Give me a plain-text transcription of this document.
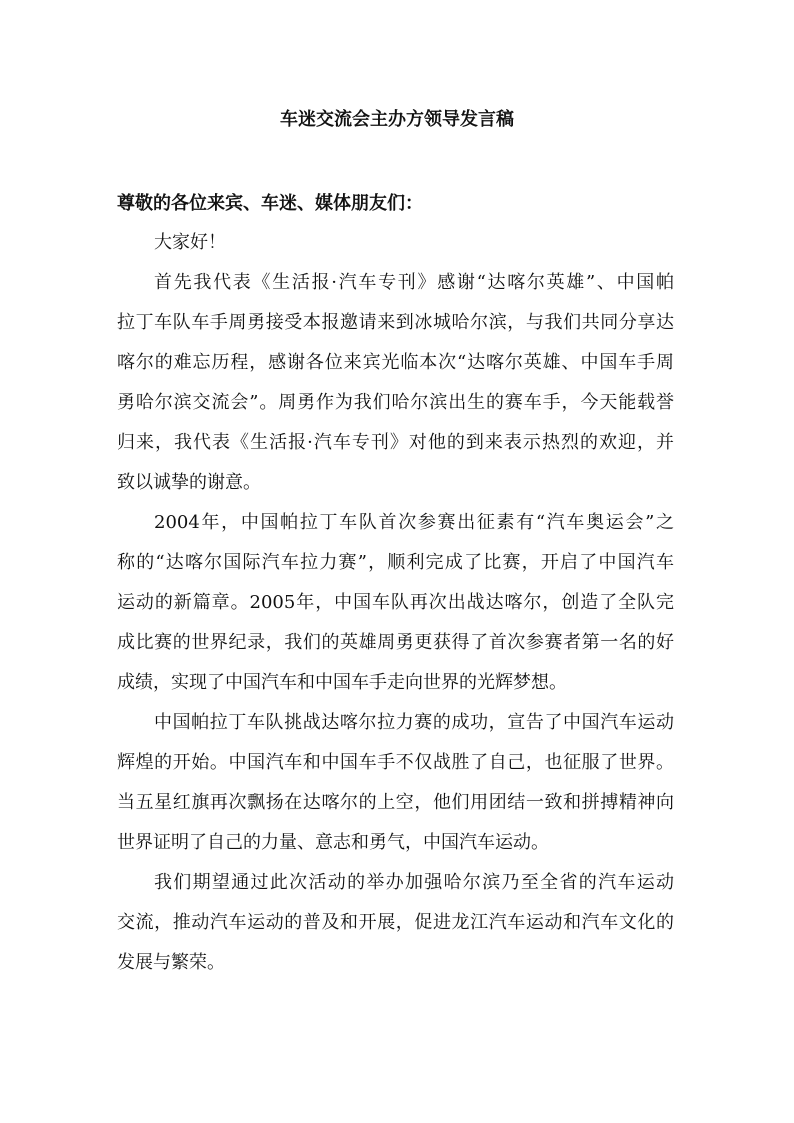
车迷交流会主办方领导发言稿
尊敬的各位来宾、车迷、媒体朋友们：
大家好！
首先我代表《生活报·汽车专刊》感谢“达喀尔英雄”、中国帕
拉丁车队车手周勇接受本报邀请来到冰城哈尔滨，与我们共同分享达
喀尔的难忘历程，感谢各位来宾光临本次“达喀尔英雄、中国车手周
勇哈尔滨交流会”。周勇作为我们哈尔滨出生的赛车手，今天能载誉
归来，我代表《生活报·汽车专刊》对他的到来表示热烈的欢迎，并
致以诚挚的谢意。
2004年，中国帕拉丁车队首次参赛出征素有“汽车奥运会”之
称的“达喀尔国际汽车拉力赛”，顺利完成了比赛，开启了中国汽车
运动的新篇章。2005年，中国车队再次出战达喀尔，创造了全队完
成比赛的世界纪录，我们的英雄周勇更获得了首次参赛者第一名的好
成绩，实现了中国汽车和中国车手走向世界的光辉梦想。
中国帕拉丁车队挑战达喀尔拉力赛的成功，宣告了中国汽车运动
辉煌的开始。中国汽车和中国车手不仅战胜了自己，也征服了世界。
当五星红旗再次飘扬在达喀尔的上空，他们用团结一致和拼搏精神向
世界证明了自己的力量、意志和勇气，中国汽车运动。
我们期望通过此次活动的举办加强哈尔滨乃至全省的汽车运动
交流，推动汽车运动的普及和开展，促进龙江汽车运动和汽车文化的
发展与繁荣。
